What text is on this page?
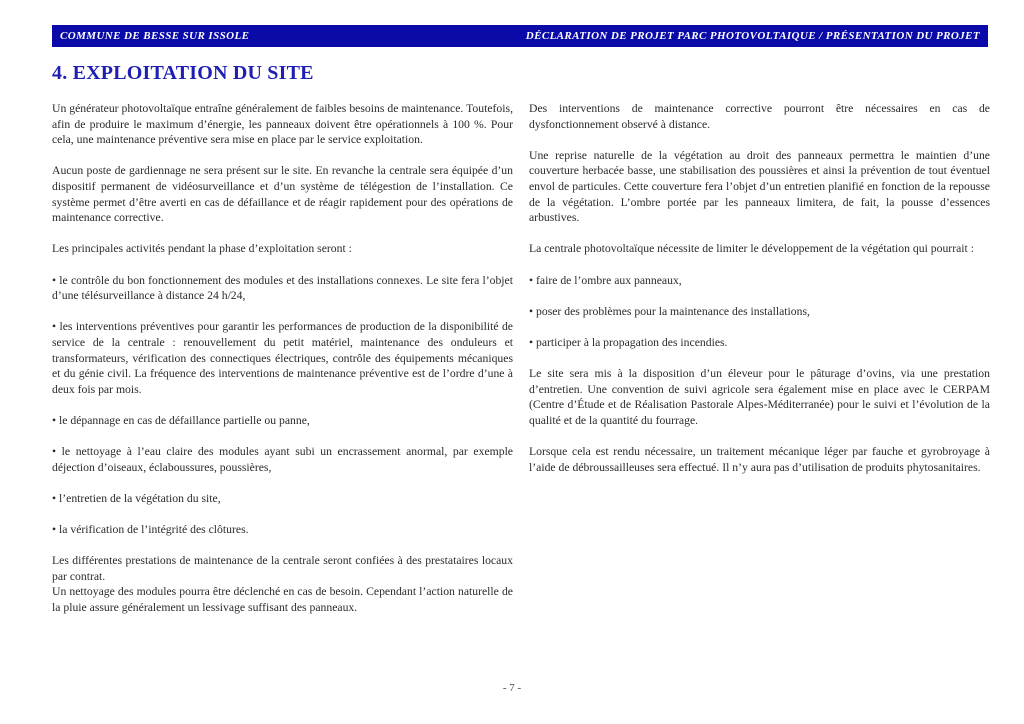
COMMUNE DE BESSE SUR ISSOLE	DÉCLARATION DE PROJET PARC PHOTOVOLTAIQUE / PRÉSENTATION DU PROJET
4. EXPLOITATION DU SITE

Un générateur photovoltaïque entraîne généralement de faibles besoins de maintenance. Toutefois, afin de produire le maximum d’énergie, les panneaux doivent être opérationnels à 100 %. Pour cela, une maintenance préventive sera mise en place par le service exploitation.

Aucun poste de gardiennage ne sera présent sur le site. En revanche la centrale sera équipée d’un dispositif permanent de vidéosurveillance et d’un système de télégestion de l’installation. Ce système permet d’être averti en cas de défaillance et de réagir rapidement pour des opérations de maintenance corrective.

Les principales activités pendant la phase d’exploitation seront :

• le contrôle du bon fonctionnement des modules et des installations connexes. Le site fera l’objet d’une télésurveillance à distance 24 h/24,

• les interventions préventives pour garantir les performances de production de la disponibilité de service de la centrale : renouvellement du petit matériel, maintenance des onduleurs et transformateurs, vérification des connectiques électriques, contrôle des équipements mécaniques et du génie civil. La fréquence des interventions de maintenance préventive est de l’ordre d’une à deux fois par mois.

• le dépannage en cas de défaillance partielle ou panne,

• le nettoyage à l’eau claire des modules ayant subi un encrassement anormal, par exemple déjection d’oiseaux, éclaboussures, poussières,

• l’entretien de la végétation du site,

• la vérification de l’intégrité des clôtures.

Les différentes prestations de maintenance de la centrale seront confiées à des prestataires locaux par contrat.

Un nettoyage des modules pourra être déclenché en cas de besoin. Cependant l’action naturelle de la pluie assure généralement un lessivage suffisant des panneaux.

Des interventions de maintenance corrective pourront être nécessaires en cas de dysfonctionnement observé à distance.

Une reprise naturelle de la végétation au droit des panneaux permettra le maintien d’une couverture herbacée basse, une stabilisation des poussières et ainsi la prévention de tout éventuel envol de particules. Cette couverture fera l’objet d’un entretien planifié en fonction de la repousse de la végétation. L’ombre portée par les panneaux limitera, de fait, la pousse d’essences arbustives.

La centrale photovoltaïque nécessite de limiter le développement de la végétation qui pourrait :

• faire de l’ombre aux panneaux,

• poser des problèmes pour la maintenance des installations,

• participer à la propagation des incendies.

Le site sera mis à la disposition d’un éleveur pour le pâturage d’ovins, via une prestation d’entretien. Une convention de suivi agricole sera également mise en place avec le CERPAM (Centre d’Étude et de Réalisation Pastorale Alpes-Méditerranée) pour le suivi et l’évolution de la qualité et de la quantité du fourrage.

Lorsque cela est rendu nécessaire, un traitement mécanique léger par fauche et gyrobroyage à l’aide de débroussailleuses sera effectué. Il n’y aura pas d’utilisation de produits phytosanitaires.

- 7 -
